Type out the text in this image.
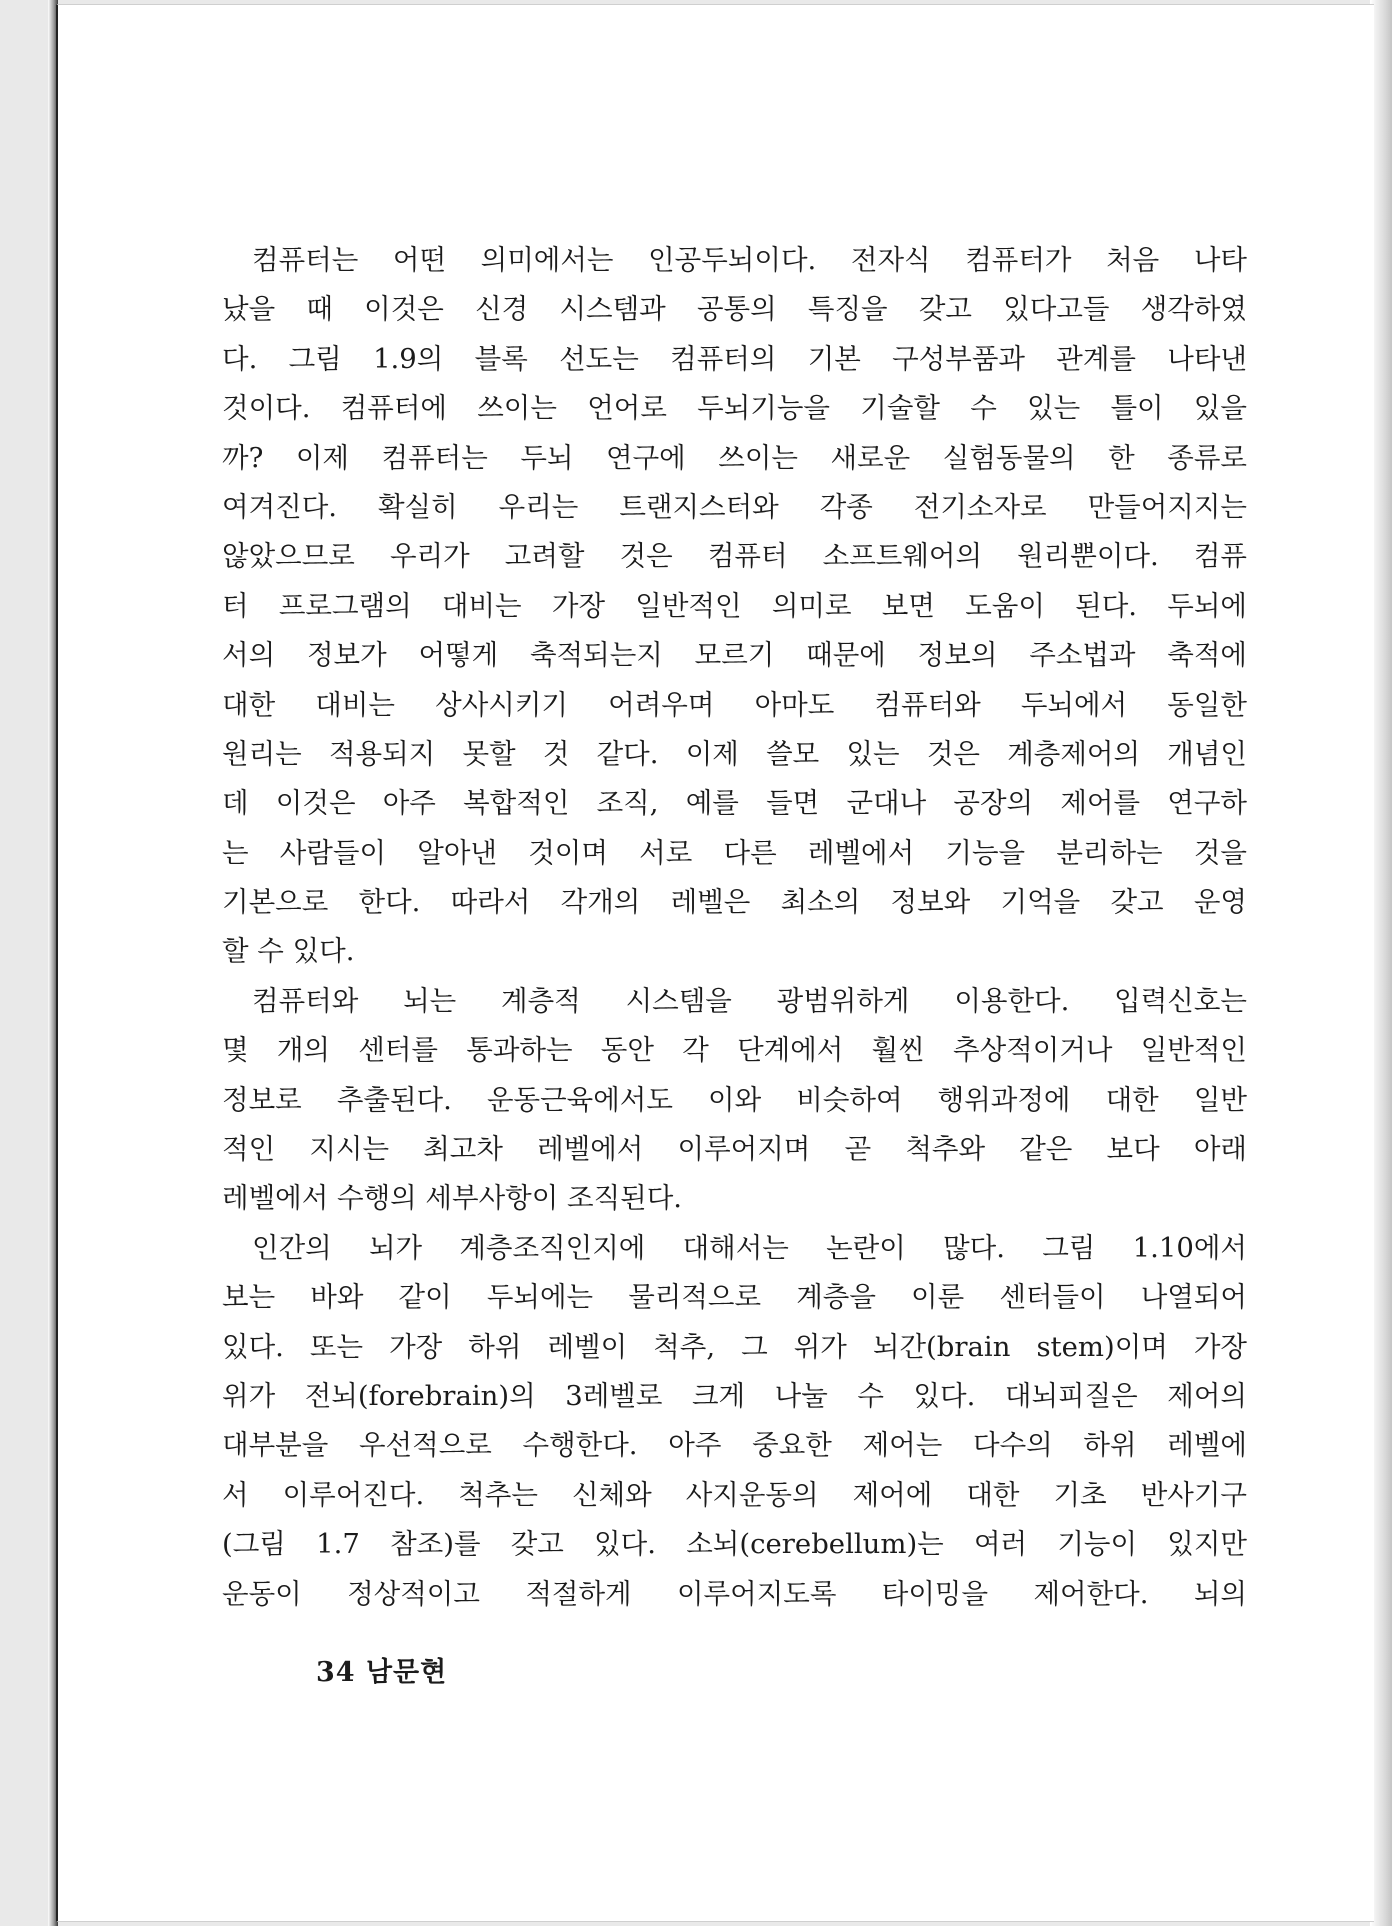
컴퓨터는 어떤 의미에서는 인공두뇌이다. 전자식 컴퓨터가 처음 나타
났을 때 이것은 신경 시스템과 공통의 특징을 갖고 있다고들 생각하였
다. 그림 1.9의 블록 선도는 컴퓨터의 기본 구성부품과 관계를 나타낸
것이다. 컴퓨터에 쓰이는 언어로 두뇌기능을 기술할 수 있는 틀이 있을
까? 이제 컴퓨터는 두뇌 연구에 쓰이는 새로운 실험동물의 한 종류로
여겨진다. 확실히 우리는 트랜지스터와 각종 전기소자로 만들어지지는
않았으므로 우리가 고려할 것은 컴퓨터 소프트웨어의 원리뿐이다. 컴퓨
터 프로그램의 대비는 가장 일반적인 의미로 보면 도움이 된다. 두뇌에
서의 정보가 어떻게 축적되는지 모르기 때문에 정보의 주소법과 축적에
대한 대비는 상사시키기 어려우며 아마도 컴퓨터와 두뇌에서 동일한
원리는 적용되지 못할 것 같다. 이제 쓸모 있는 것은 계층제어의 개념인
데 이것은 아주 복합적인 조직, 예를 들면 군대나 공장의 제어를 연구하
는 사람들이 알아낸 것이며 서로 다른 레벨에서 기능을 분리하는 것을
기본으로 한다. 따라서 각개의 레벨은 최소의 정보와 기억을 갖고 운영
할 수 있다.
컴퓨터와 뇌는 계층적 시스템을 광범위하게 이용한다. 입력신호는
몇 개의 센터를 통과하는 동안 각 단계에서 훨씬 추상적이거나 일반적인
정보로 추출된다. 운동근육에서도 이와 비슷하여 행위과정에 대한 일반
적인 지시는 최고차 레벨에서 이루어지며 곧 척추와 같은 보다 아래
레벨에서 수행의 세부사항이 조직된다.
인간의 뇌가 계층조직인지에 대해서는 논란이 많다. 그림 1.10에서
보는 바와 같이 두뇌에는 물리적으로 계층을 이룬 센터들이 나열되어
있다. 또는 가장 하위 레벨이 척추, 그 위가 뇌간(brain stem)이며 가장
위가 전뇌(forebrain)의 3레벨로 크게 나눌 수 있다. 대뇌피질은 제어의
대부분을 우선적으로 수행한다. 아주 중요한 제어는 다수의 하위 레벨에
서 이루어진다. 척추는 신체와 사지운동의 제어에 대한 기초 반사기구
(그림 1.7 참조)를 갖고 있다. 소뇌(cerebellum)는 여러 기능이 있지만
운동이 정상적이고 적절하게 이루어지도록 타이밍을 제어한다. 뇌의
34 남문현
